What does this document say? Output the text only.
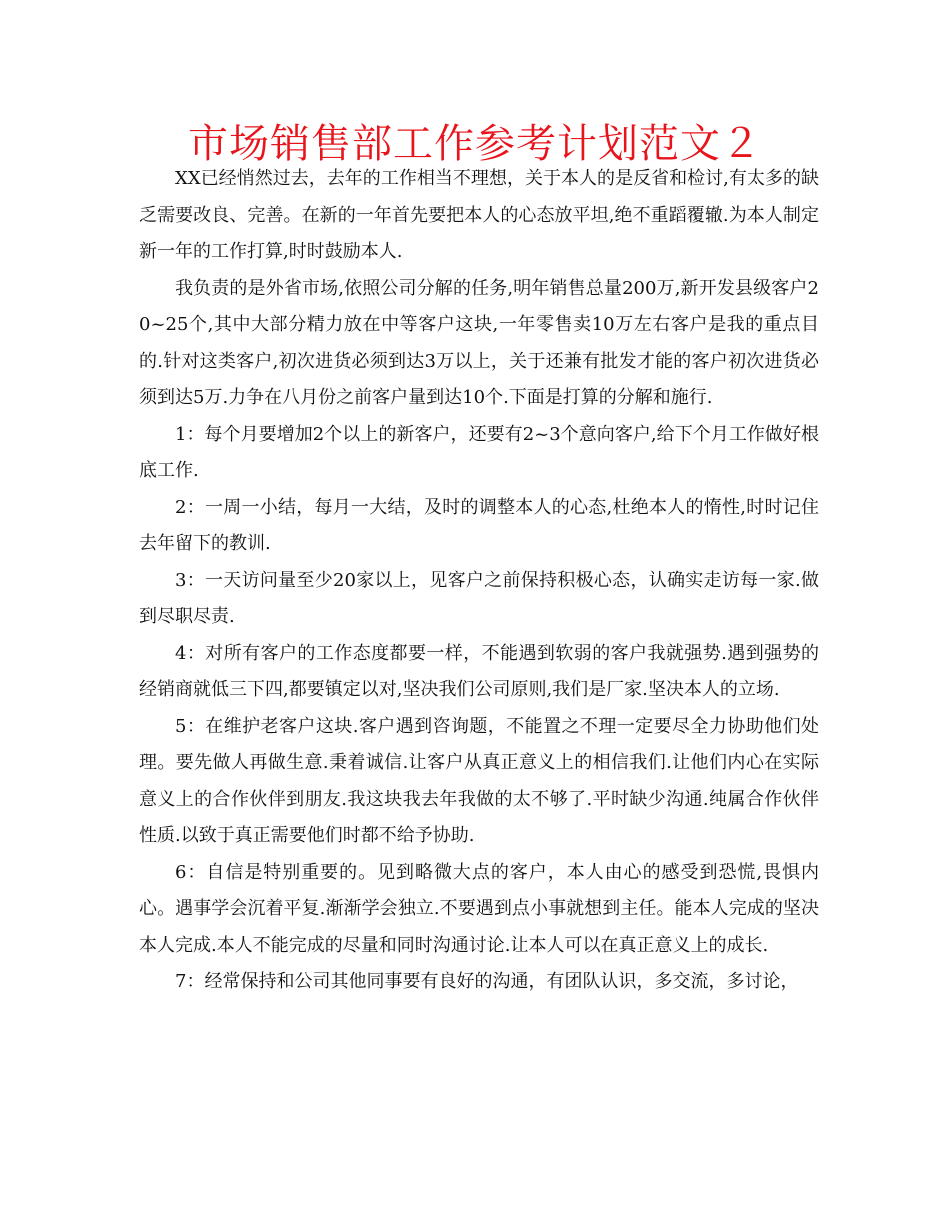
市场销售部工作参考计划范文２

XX已经悄然过去，去年的工作相当不理想，关于本人的是反省和检讨,有太多的缺乏需要改良、完善。在新的一年首先要把本人的心态放平坦,绝不重蹈覆辙.为本人制定新一年的工作打算,时时鼓励本人.

我负责的是外省市场,依照公司分解的任务,明年销售总量200万,新开发县级客户20~25个,其中大部分精力放在中等客户这块,一年零售卖10万左右客户是我的重点目的.针对这类客户,初次进货必须到达3万以上，关于还兼有批发才能的客户初次进货必须到达5万.力争在八月份之前客户量到达10个.下面是打算的分解和施行.

1：每个月要增加2个以上的新客户，还要有2~3个意向客户,给下个月工作做好根底工作.

2：一周一小结，每月一大结，及时的调整本人的心态,杜绝本人的惰性,时时记住去年留下的教训.

3：一天访问量至少20家以上，见客户之前保持积极心态，认确实走访每一家.做到尽职尽责.

4：对所有客户的工作态度都要一样，不能遇到软弱的客户我就强势.遇到强势的经销商就低三下四,都要镇定以对,坚决我们公司原则,我们是厂家.坚决本人的立场.

5：在维护老客户这块.客户遇到咨询题，不能置之不理一定要尽全力协助他们处理。要先做人再做生意.秉着诚信.让客户从真正意义上的相信我们.让他们内心在实际意义上的合作伙伴到朋友.我这块我去年我做的太不够了.平时缺少沟通.纯属合作伙伴性质.以致于真正需要他们时都不给予协助.

6：自信是特别重要的。见到略微大点的客户，本人由心的感受到恐慌,畏惧内心。遇事学会沉着平复.渐渐学会独立.不要遇到点小事就想到主任。能本人完成的坚决本人完成.本人不能完成的尽量和同时沟通讨论.让本人可以在真正意义上的成长.

7：经常保持和公司其他同事要有良好的沟通，有团队认识，多交流，多讨论，
